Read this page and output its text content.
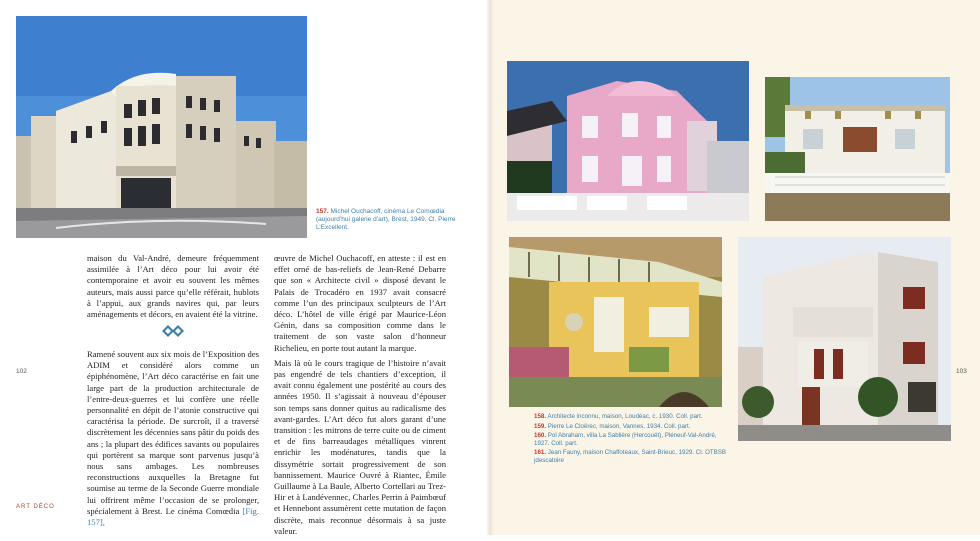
157. Michel Ouchacoff, cinéma Le Comœdia (aujourd’hui galerie d’art), Brest, 1949. Cl. Pierre L’Excellent.

maison du Val-André, demeure fréquemment assimilée à l’Art déco pour lui avoir été contemporaine et avoir eu souvent les mêmes auteurs, mais aussi parce qu’elle référait, hublots à l’appui, aux grands navires qui, par leurs aménagements et décors, en avaient été la vitrine.

Ramené souvent aux six mois de l’Exposition des ADIM et considéré alors comme un épiphénomène, l’Art déco caractérise en fait une large part de la production architecturale de l’entre-deux-guerres et lui confère une réelle personnalité en dépit de l’atonie constructive qui caractérisa la période. De surcroît, il a traversé discrètement les décennies sans pâtir du poids des ans ; la plupart des édifices savants ou populaires qui portèrent sa marque sont parvenus jusqu’à nous sans ambages. Les nombreuses reconstructions auxquelles la Bretagne fut soumise au terme de la Seconde Guerre mondiale lui offrirent même l’occasion de se prolonger, spécialement à Brest. Le cinéma Comœdia [Fig. 157],

œuvre de Michel Ouchacoff, en atteste : il est en effet orné de bas-reliefs de Jean-René Debarre que son « Architecte civil » disposé devant le Palais de Trocadéro en 1937 avait consacré comme l’un des principaux sculpteurs de l’Art déco. L’hôtel de ville érigé par Maurice-Léon Génin, dans sa composition comme dans le traitement de son vaste salon d’honneur Richelieu, en porte tout autant la marque.

Mais là où le cours tragique de l’histoire n’avait pas engendré de tels chantiers d’exception, il avait connu également une postérité au cours des années 1950. Il s’agissait à nouveau d’épouser son temps sans donner quitus au radicalisme des avant-gardes. L’Art déco fut alors garant d’une transition : les mitrons de terre cuite ou de ciment et de fins barreaudages métalliques vinrent enrichir les modénatures, tandis que la dissymétrie sortait progressivement de son bannissement. Maurice Ouvré à Riantec, Émile Guillaume à La Baule, Alberto Cortellari au Trez-Hir et à Landévennec, Charles Perrin à Paimbœuf et Hennebont assumèrent cette mutation de façon discrète, mais reconnue désormais à sa juste valeur.

102
ART DÉCO
158. Architecte inconnu, maison, Loudéac, c. 1930. Coll. part.
159. Pierre Le Cloërec, maison, Vannes, 1934. Coll. part.
160. Pol Abraham, villa La Sablière (Hercouët), Pléneuf-Val-André, 1927. Coll. part.
161. Jean Fauny, maison Chaffoteaux, Saint-Brieuc, 1929. Cl. OTBSB jdescatoire
103
